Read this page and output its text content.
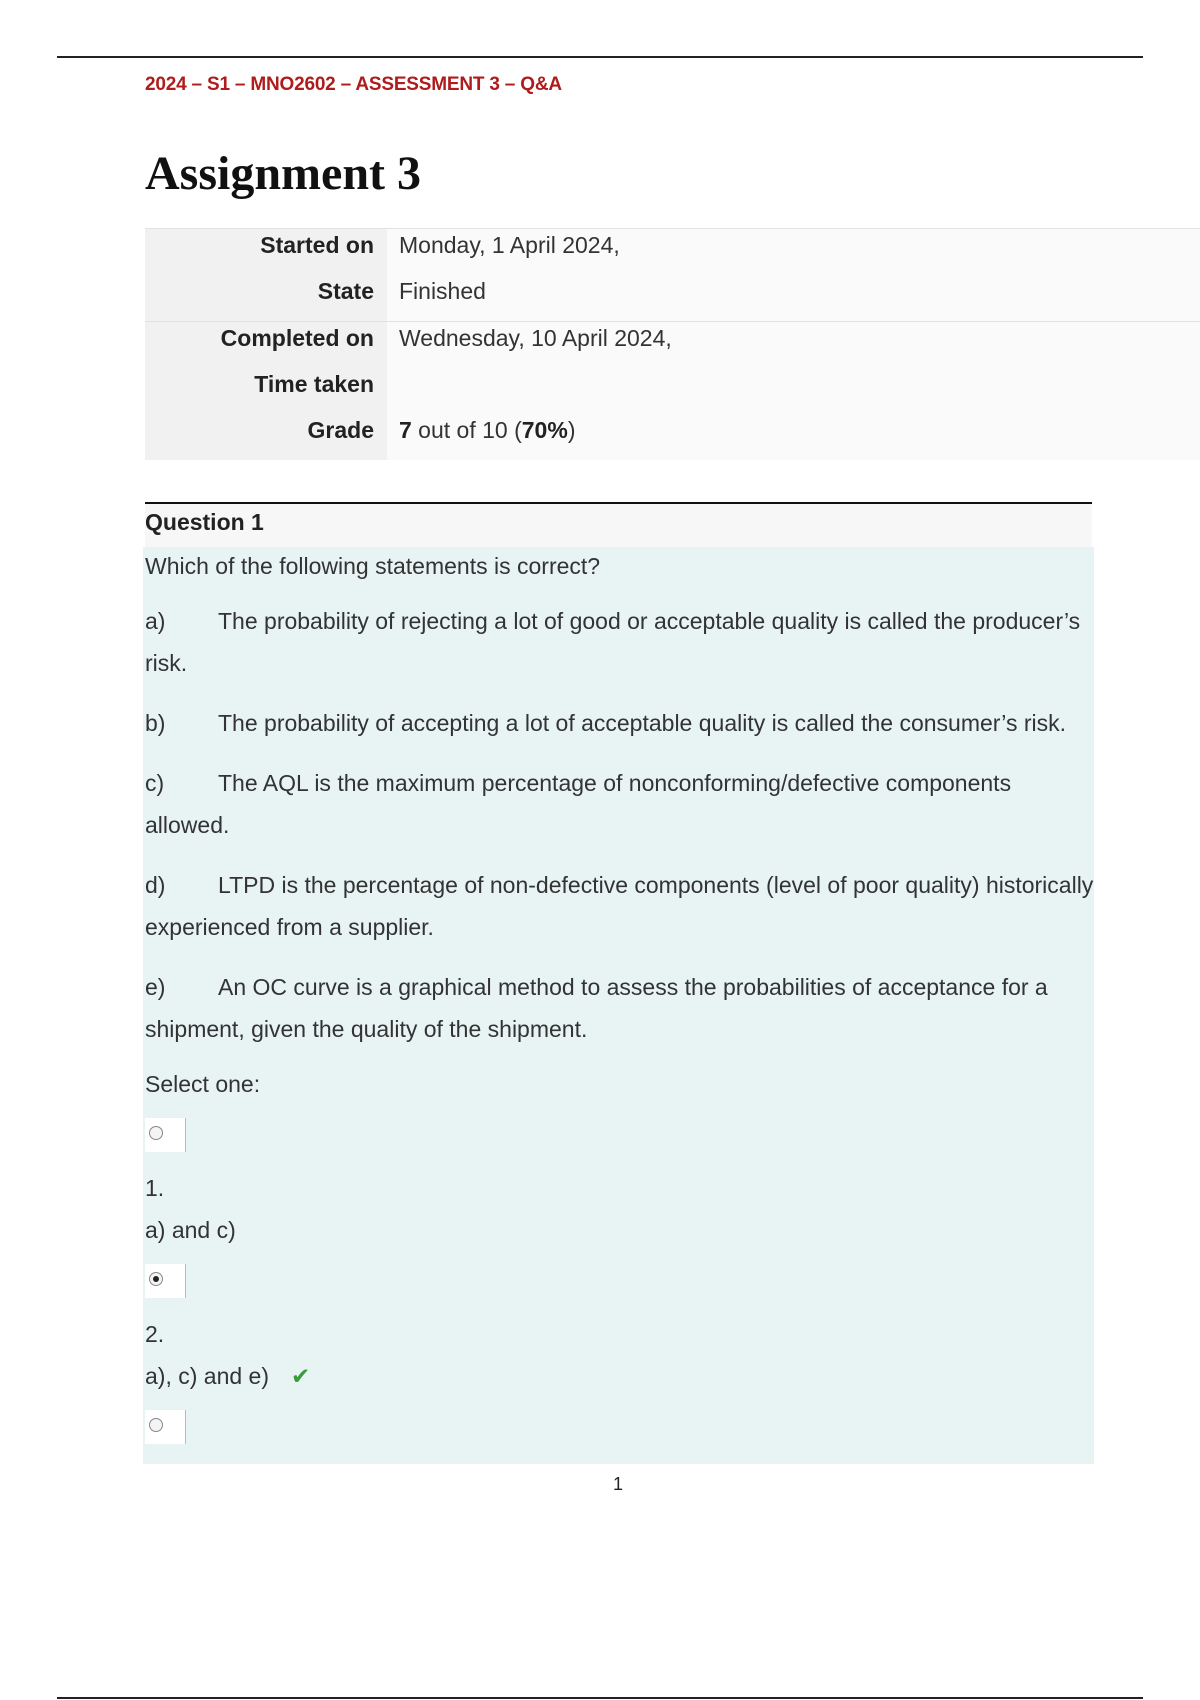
2024 – S1 – MNO2602 – ASSESSMENT 3 – Q&A
Assignment 3
Started on	Monday, 1 April 2024,
State	Finished
Completed on	Wednesday, 10 April 2024,
Time taken
Grade	7 out of 10 (70%)
Question 1
Which of the following statements is correct?
a) The probability of rejecting a lot of good or acceptable quality is called the producer’s risk.
b) The probability of accepting a lot of acceptable quality is called the consumer’s risk.
c) The AQL is the maximum percentage of nonconforming/defective components allowed.
d) LTPD is the percentage of non-defective components (level of poor quality) historically experienced from a supplier.
e) An OC curve is a graphical method to assess the probabilities of acceptance for a shipment, given the quality of the shipment.
Select one:
1.
a) and c)
2.
a), c) and e) ✔
1
